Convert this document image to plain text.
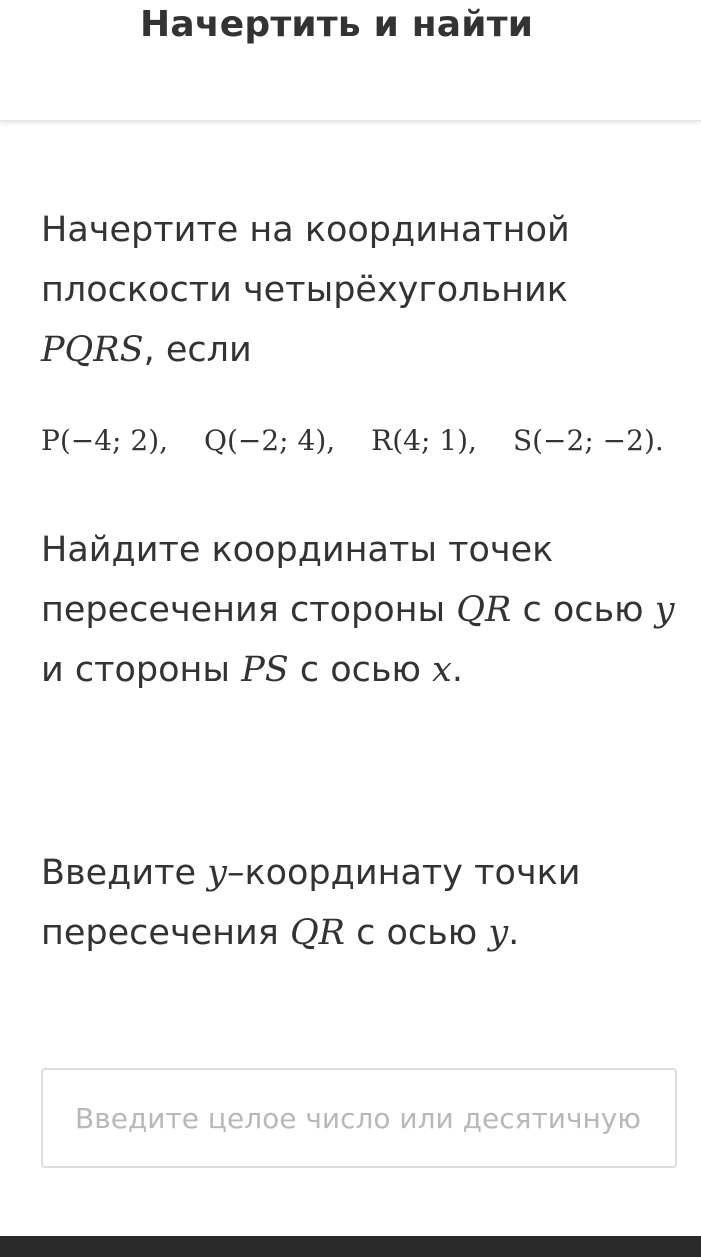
Начертить и найти

Начертите на координатной плоскости четырёхугольник PQRS, если

P(−4; 2), Q(−2; 4), R(4; 1), S(−2; −2).

Найдите координаты точек пересечения стороны QR с осью y и стороны PS с осью x.

Введите y–координату точки пересечения QR с осью y.

Введите целое число или десятичную др
